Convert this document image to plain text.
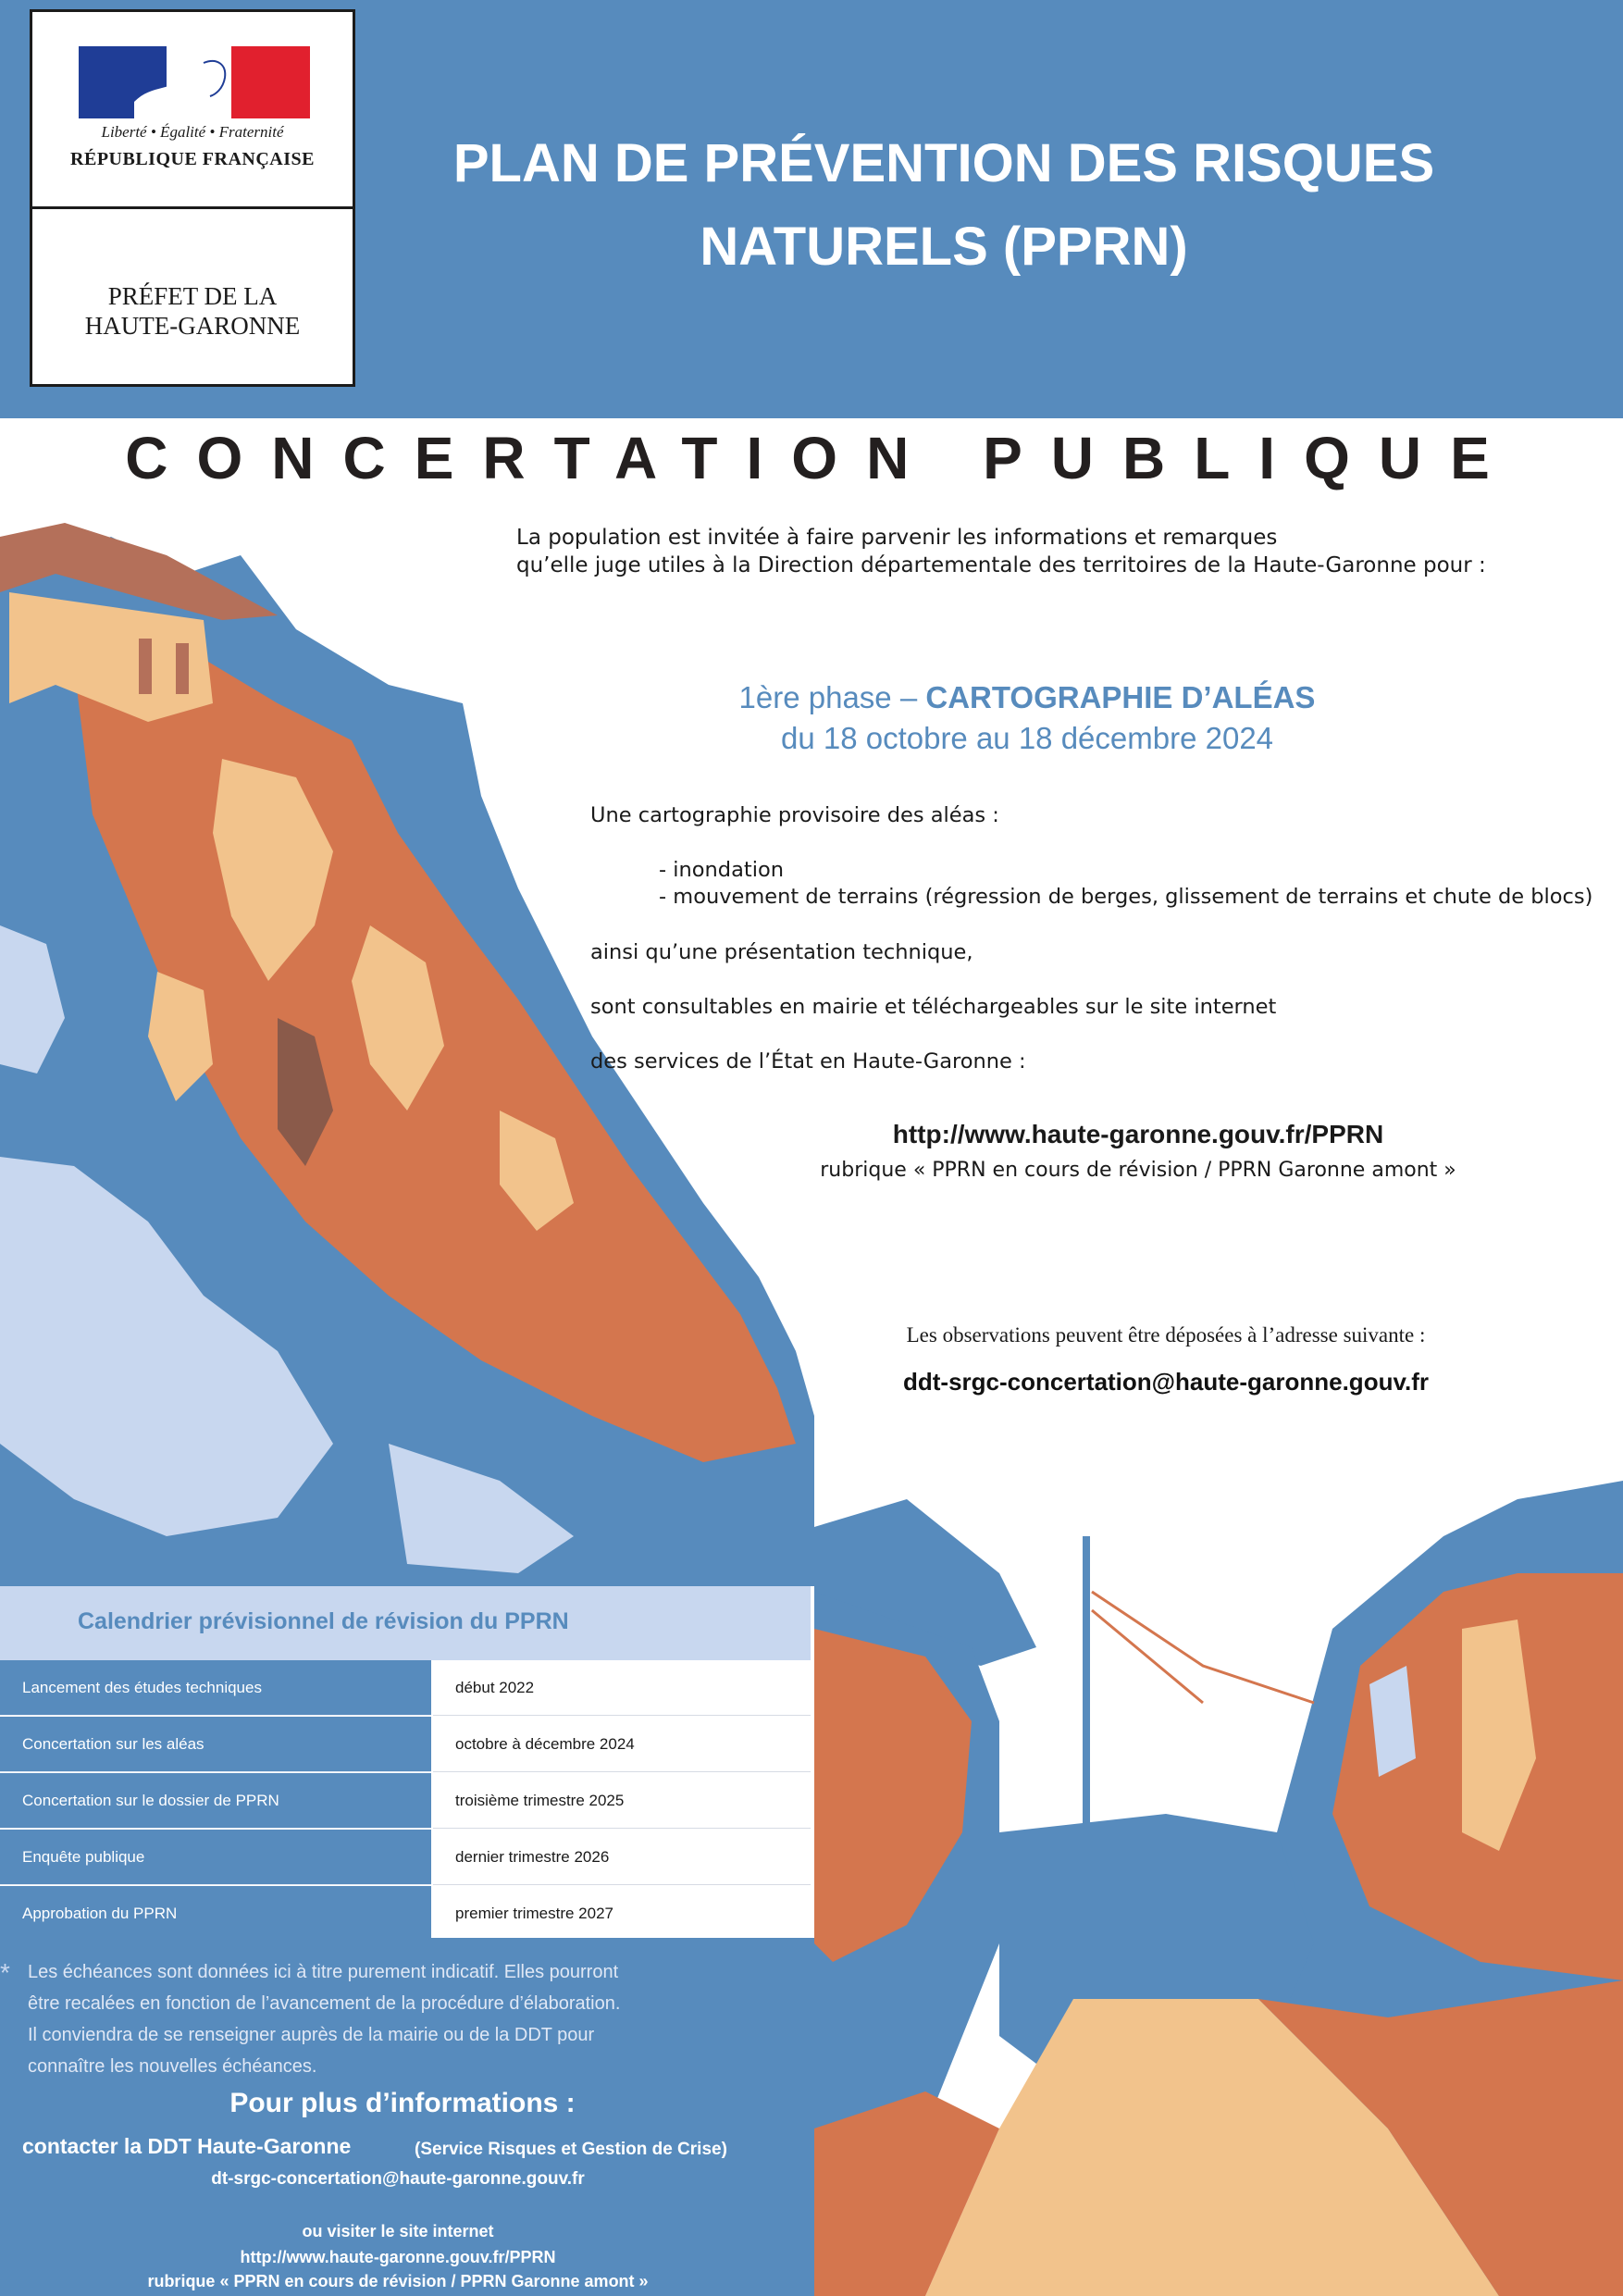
Liberté • Égalité • Fraternité
RÉPUBLIQUE FRANÇAISE
PRÉFET DE LA
HAUTE-GARONNE
PLAN DE PRÉVENTION DES RISQUES
NATURELS (PPRN)
CONCERTATION PUBLIQUE
La population est invitée à faire parvenir les informations et remarques
qu’elle juge utiles à la Direction départementale des territoires de la Haute-Garonne pour :
1ère phase – CARTOGRAPHIE D’ALÉAS
du 18 octobre au 18 décembre 2024
Une cartographie provisoire des aléas :
- inondation
- mouvement de terrains (régression de berges, glissement de terrains et chute de blocs)
ainsi qu’une présentation technique,
sont consultables en mairie et téléchargeables sur le site internet
des services de l’État en Haute-Garonne :
http://www.haute-garonne.gouv.fr/PPRN
rubrique « PPRN en cours de révision / PPRN Garonne amont »
Les observations peuvent être déposées à l’adresse suivante :
ddt-srgc-concertation@haute-garonne.gouv.fr
Calendrier prévisionnel de révision du PPRN
Lancement des études techniques	début 2022
Concertation sur les aléas	octobre à décembre 2024
Concertation sur le dossier de PPRN	troisième trimestre 2025
Enquête publique	dernier trimestre 2026
Approbation du PPRN	premier trimestre 2027
* Les échéances sont données ici à titre purement indicatif. Elles pourront
être recalées en fonction de l’avancement de la procédure d’élaboration.
Il conviendra de se renseigner auprès de la mairie ou de la DDT pour
connaître les nouvelles échéances.
Pour plus d’informations :
contacter la DDT Haute-Garonne	(Service Risques et Gestion de Crise)
dt-srgc-concertation@haute-garonne.gouv.fr
ou visiter le site internet
http://www.haute-garonne.gouv.fr/PPRN
rubrique « PPRN en cours de révision / PPRN Garonne amont »
